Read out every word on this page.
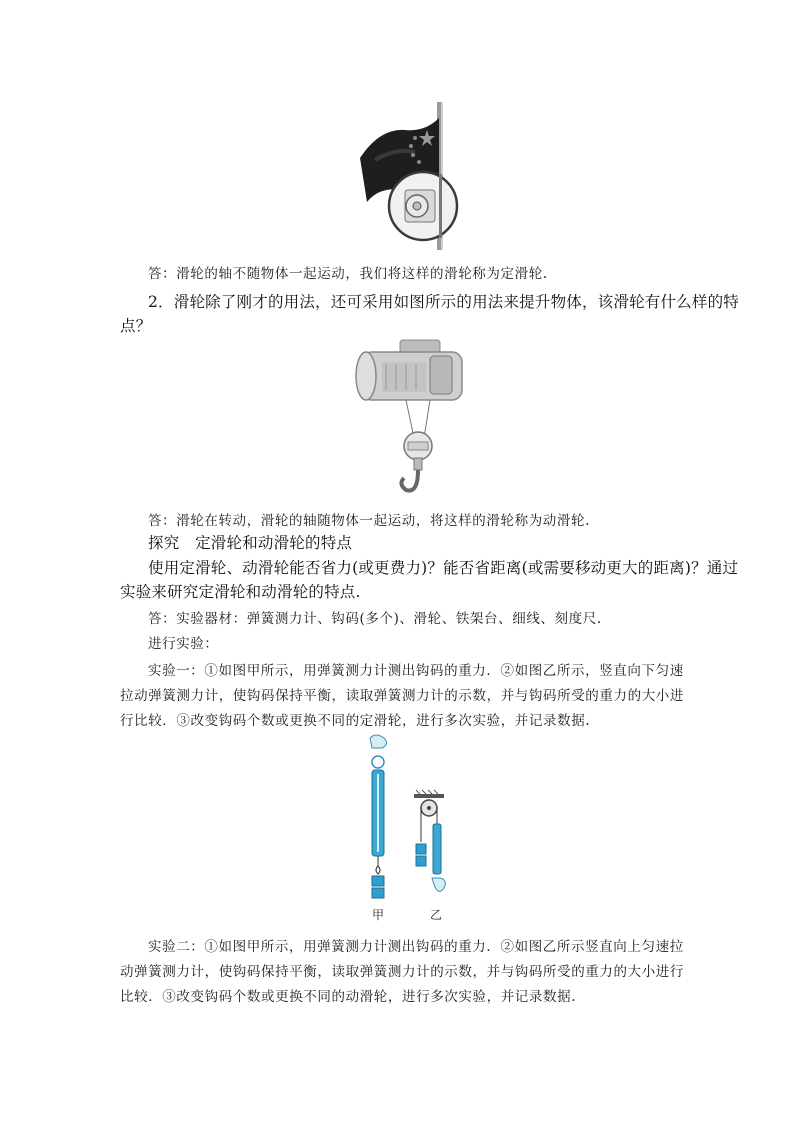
答：滑轮的轴不随物体一起运动，我们将这样的滑轮称为定滑轮.
2．滑轮除了刚才的用法，还可采用如图所示的用法来提升物体，该滑轮有什么样的特
点？
答：滑轮在转动，滑轮的轴随物体一起运动，将这样的滑轮称为动滑轮.
探究　定滑轮和动滑轮的特点
使用定滑轮、动滑轮能否省力(或更费力)？能否省距离(或需要移动更大的距离)？通过
实验来研究定滑轮和动滑轮的特点.
答：实验器材：弹簧测力计、钩码(多个)、滑轮、铁架台、细线、刻度尺.
进行实验：
实验一：①如图甲所示，用弹簧测力计测出钩码的重力．②如图乙所示，竖直向下匀速
拉动弹簧测力计，使钩码保持平衡，读取弹簧测力计的示数，并与钩码所受的重力的大小进
行比较．③改变钩码个数或更换不同的定滑轮，进行多次实验，并记录数据.
甲	乙
实验二：①如图甲所示，用弹簧测力计测出钩码的重力．②如图乙所示竖直向上匀速拉
动弹簧测力计，使钩码保持平衡，读取弹簧测力计的示数，并与钩码所受的重力的大小进行
比较．③改变钩码个数或更换不同的动滑轮，进行多次实验，并记录数据.
